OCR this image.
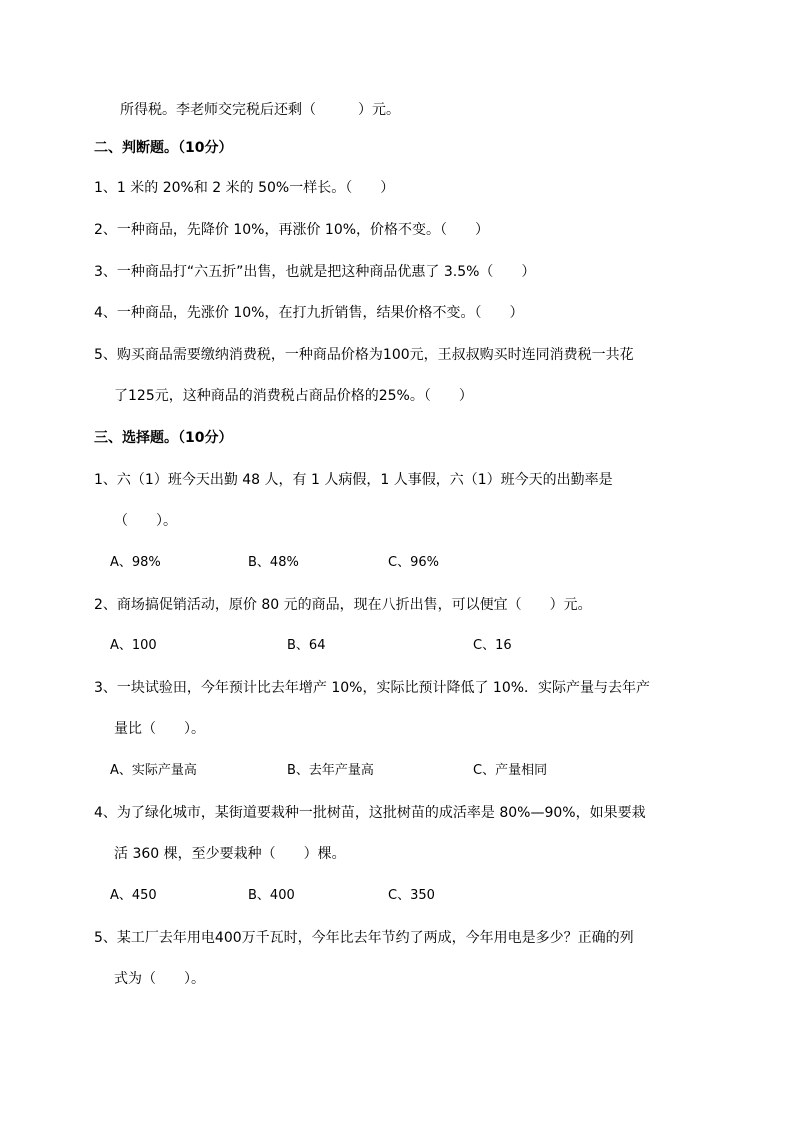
所得税。李老师交完税后还剩（　　　）元。
二、判断题。（10分）
1、1 米的 20%和 2 米的 50%一样长。（　　）
2、一种商品，先降价 10%，再涨价 10%，价格不变。（　　）
3、一种商品打“六五折”出售，也就是把这种商品优惠了 3.5%（　　）
4、一种商品，先涨价 10%，在打九折销售，结果价格不变。（　　）
5、购买商品需要缴纳消费税，一种商品价格为100元，王叔叔购买时连同消费税一共花
了125元，这种商品的消费税占商品价格的25%。（　　）
三、选择题。（10分）
1、六（1）班今天出勤 48 人，有 1 人病假，1 人事假，六（1）班今天的出勤率是
（　　）。
A、98%	B、48%	C、96%
2、商场搞促销活动，原价 80 元的商品，现在八折出售，可以便宜（　　）元。
A、100	B、64	C、16
3、一块试验田，今年预计比去年增产 10%，实际比预计降低了 10%．实际产量与去年产
量比（　　）。
A、实际产量高	B、去年产量高	C、产量相同
4、为了绿化城市，某街道要栽种一批树苗，这批树苗的成活率是 80%—90%，如果要栽
活 360 棵，至少要栽种（　　）棵。
A、450	B、400	C、350
5、某工厂去年用电400万千瓦时，今年比去年节约了两成，今年用电是多少？正确的列
式为（　　）。
